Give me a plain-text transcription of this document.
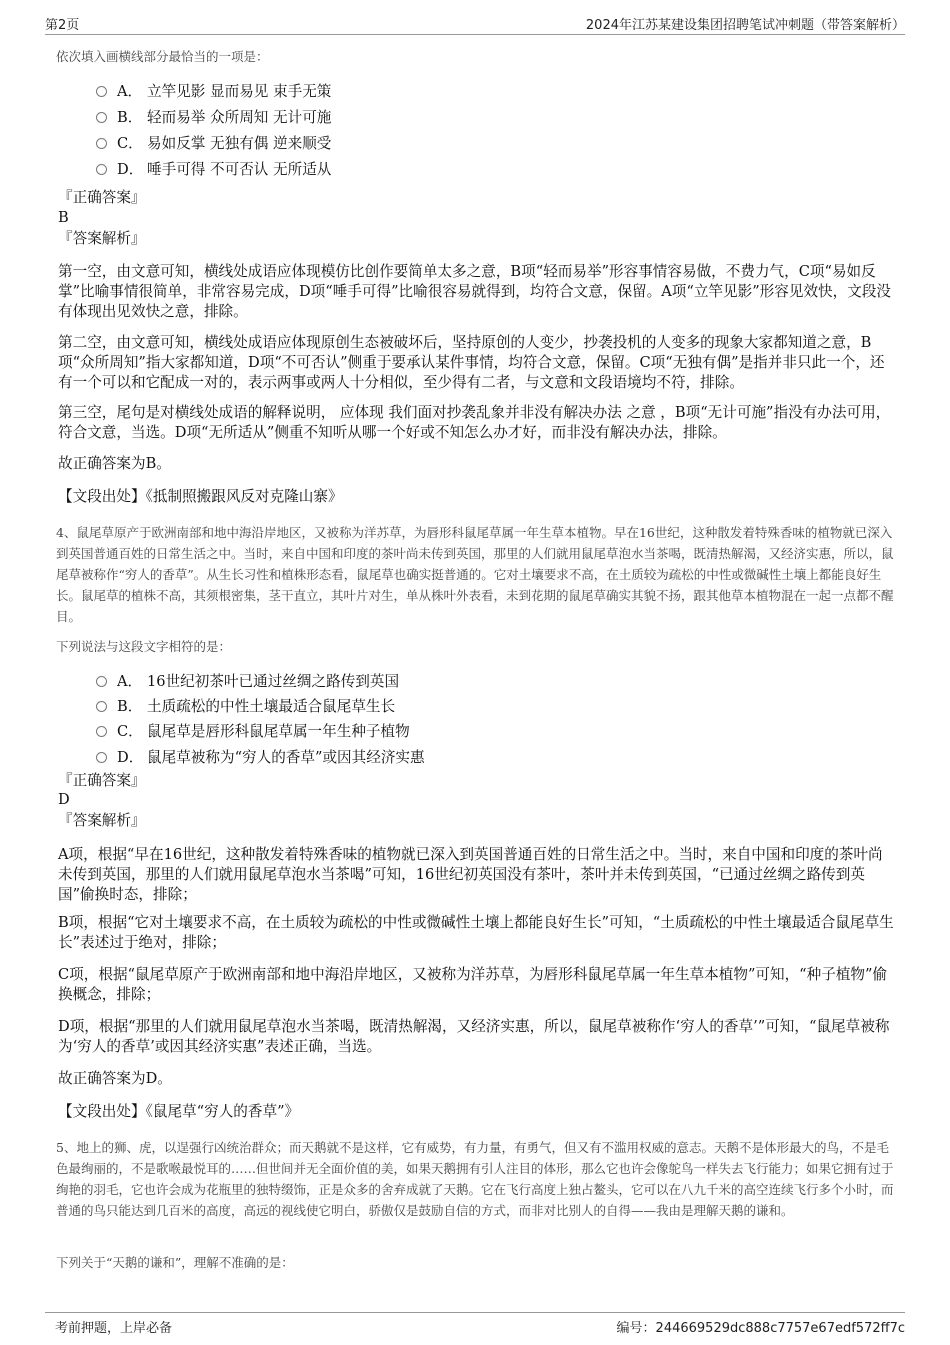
第2页	2024年江苏某建设集团招聘笔试冲刺题（带答案解析）
依次填入画横线部分最恰当的一项是：
A． 立竿见影 显而易见 束手无策
B． 轻而易举 众所周知 无计可施
C． 易如反掌 无独有偶 逆来顺受
D． 唾手可得 不可否认 无所适从
『正确答案』
B
『答案解析』
第一空，由文意可知，横线处成语应体现模仿比创作要简单太多之意，B项“轻而易举”形容事情容易做，不费力气，C项“易如反掌”比喻事情很简单，非常容易完成，D项“唾手可得”比喻很容易就得到，均符合文意，保留。A项“立竿见影”形容见效快，文段没有体现出见效快之意，排除。
第二空，由文意可知，横线处成语应体现原创生态被破坏后，坚持原创的人变少，抄袭投机的人变多的现象大家都知道之意，B项“众所周知”指大家都知道，D项“不可否认”侧重于要承认某件事情，均符合文意，保留。C项“无独有偶”是指并非只此一个，还有一个可以和它配成一对的，表示两事或两人十分相似，至少得有二者，与文意和文段语境均不符，排除。
第三空，尾句是对横线处成语的解释说明， 应体现 我们面对抄袭乱象并非没有解决办法 之意 ，B项“无计可施”指没有办法可用，符合文意，当选。D项“无所适从”侧重不知听从哪一个好或不知怎么办才好，而非没有解决办法，排除。
故正确答案为B。
【文段出处】《抵制照搬跟风反对克隆山寨》
4、鼠尾草原产于欧洲南部和地中海沿岸地区，又被称为洋苏草，为唇形科鼠尾草属一年生草本植物。早在16世纪，这种散发着特殊香味的植物就已深入到英国普通百姓的日常生活之中。当时，来自中国和印度的茶叶尚未传到英国，那里的人们就用鼠尾草泡水当茶喝，既清热解渴，又经济实惠，所以，鼠尾草被称作“穷人的香草”。从生长习性和植株形态看，鼠尾草也确实挺普通的。它对土壤要求不高，在土质较为疏松的中性或微碱性土壤上都能良好生长。鼠尾草的植株不高，其须根密集，茎干直立，其叶片对生，单从株叶外表看，未到花期的鼠尾草确实其貌不扬，跟其他草本植物混在一起一点都不醒目。
下列说法与这段文字相符的是：
A． 16世纪初茶叶已通过丝绸之路传到英国
B． 土质疏松的中性土壤最适合鼠尾草生长
C． 鼠尾草是唇形科鼠尾草属一年生种子植物
D． 鼠尾草被称为“穷人的香草”或因其经济实惠
『正确答案』
D
『答案解析』
A项，根据“早在16世纪，这种散发着特殊香味的植物就已深入到英国普通百姓的日常生活之中。当时，来自中国和印度的茶叶尚未传到英国，那里的人们就用鼠尾草泡水当茶喝”可知，16世纪初英国没有茶叶，茶叶并未传到英国，“已通过丝绸之路传到英国”偷换时态，排除；
B项，根据“它对土壤要求不高，在土质较为疏松的中性或微碱性土壤上都能良好生长”可知，“土质疏松的中性土壤最适合鼠尾草生长”表述过于绝对，排除；
C项，根据“鼠尾草原产于欧洲南部和地中海沿岸地区，又被称为洋苏草，为唇形科鼠尾草属一年生草本植物”可知，“种子植物”偷换概念，排除；
D项，根据“那里的人们就用鼠尾草泡水当茶喝，既清热解渴，又经济实惠，所以，鼠尾草被称作‘穷人的香草’”可知，“鼠尾草被称为‘穷人的香草’或因其经济实惠”表述正确，当选。
故正确答案为D。
【文段出处】《鼠尾草“穷人的香草”》
5、地上的狮、虎，以逞强行凶统治群众；而天鹅就不是这样，它有威势，有力量，有勇气，但又有不滥用权威的意志。天鹅不是体形最大的鸟，不是毛色最绚丽的，不是歌喉最悦耳的……但世间并无全面价值的美，如果天鹅拥有引人注目的体形，那么它也许会像鸵鸟一样失去飞行能力；如果它拥有过于绚艳的羽毛，它也许会成为花瓶里的独特缀饰，正是众多的舍弃成就了天鹅。它在飞行高度上独占鳌头，它可以在八九千米的高空连续飞行多个小时，而普通的鸟只能达到几百米的高度，高远的视线使它明白，骄傲仅是鼓励自信的方式，而非对比别人的自得——我由是理解天鹅的谦和。
下列关于“天鹅的谦和”，理解不准确的是：
考前押题，上岸必备	编号：244669529dc888c7757e67edf572ff7c
